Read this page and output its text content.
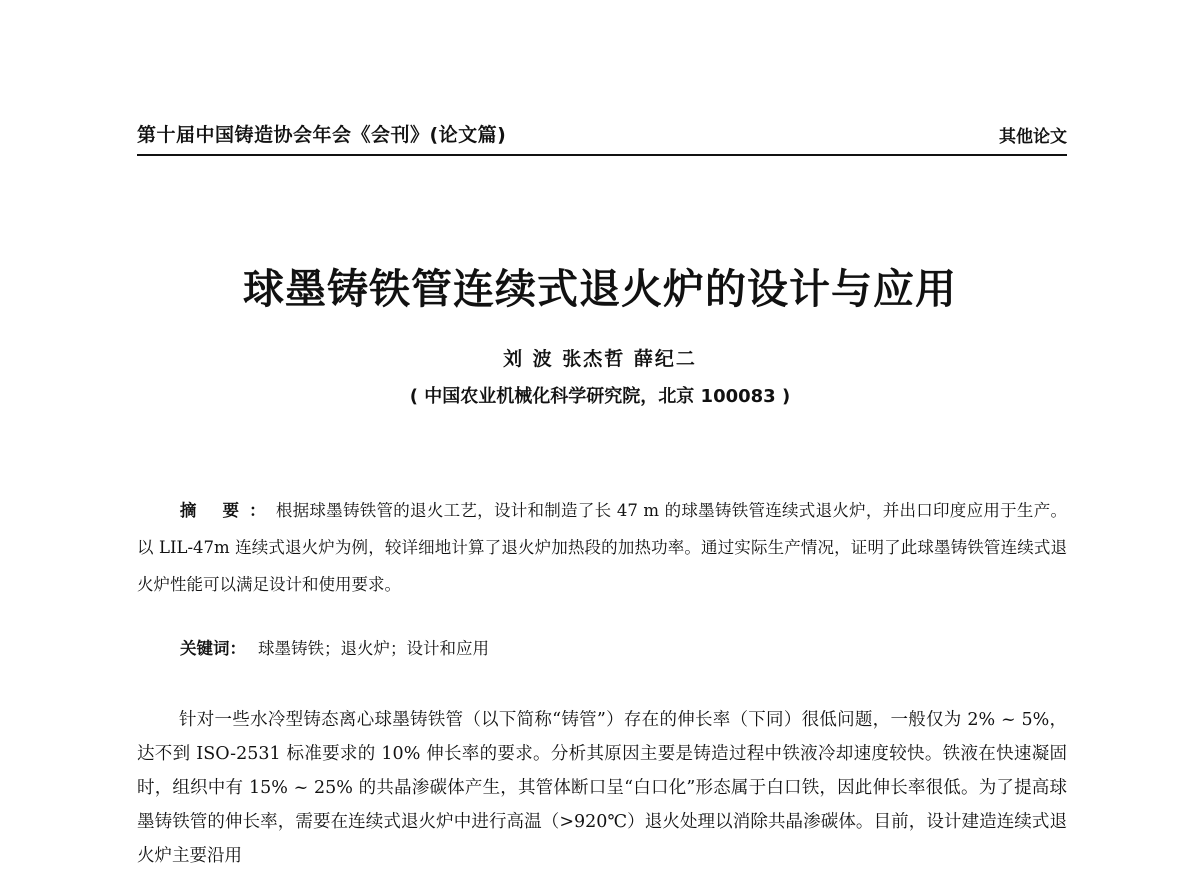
第十届中国铸造协会年会《会刊》(论文篇)	其他论文
球墨铸铁管连续式退火炉的设计与应用
刘 波 张杰哲 薛纪二
( 中国农业机械化科学研究院，北京 100083 )
摘 要：根据球墨铸铁管的退火工艺，设计和制造了长 47 m 的球墨铸铁管连续式退火炉，并出口印度应用于生产。以 LIL-47m 连续式退火炉为例，较详细地计算了退火炉加热段的加热功率。通过实际生产情况，证明了此球墨铸铁管连续式退火炉性能可以满足设计和使用要求。
关键词： 球墨铸铁；退火炉；设计和应用
针对一些水冷型铸态离心球墨铸铁管（以下简称“铸管”）存在的伸长率（下同）很低问题，一般仅为 2% ~ 5%，达不到 ISO-2531 标准要求的 10% 伸长率的要求。分析其原因主要是铸造过程中铁液冷却速度较快。铁液在快速凝固时，组织中有 15% ~ 25% 的共晶渗碳体产生，其管体断口呈“白口化”形态属于白口铁，因此伸长率很低。为了提高球墨铸铁管的伸长率，需要在连续式退火炉中进行高温（>920℃）退火处理以消除共晶渗碳体。目前，设计建造连续式退火炉主要沿用
